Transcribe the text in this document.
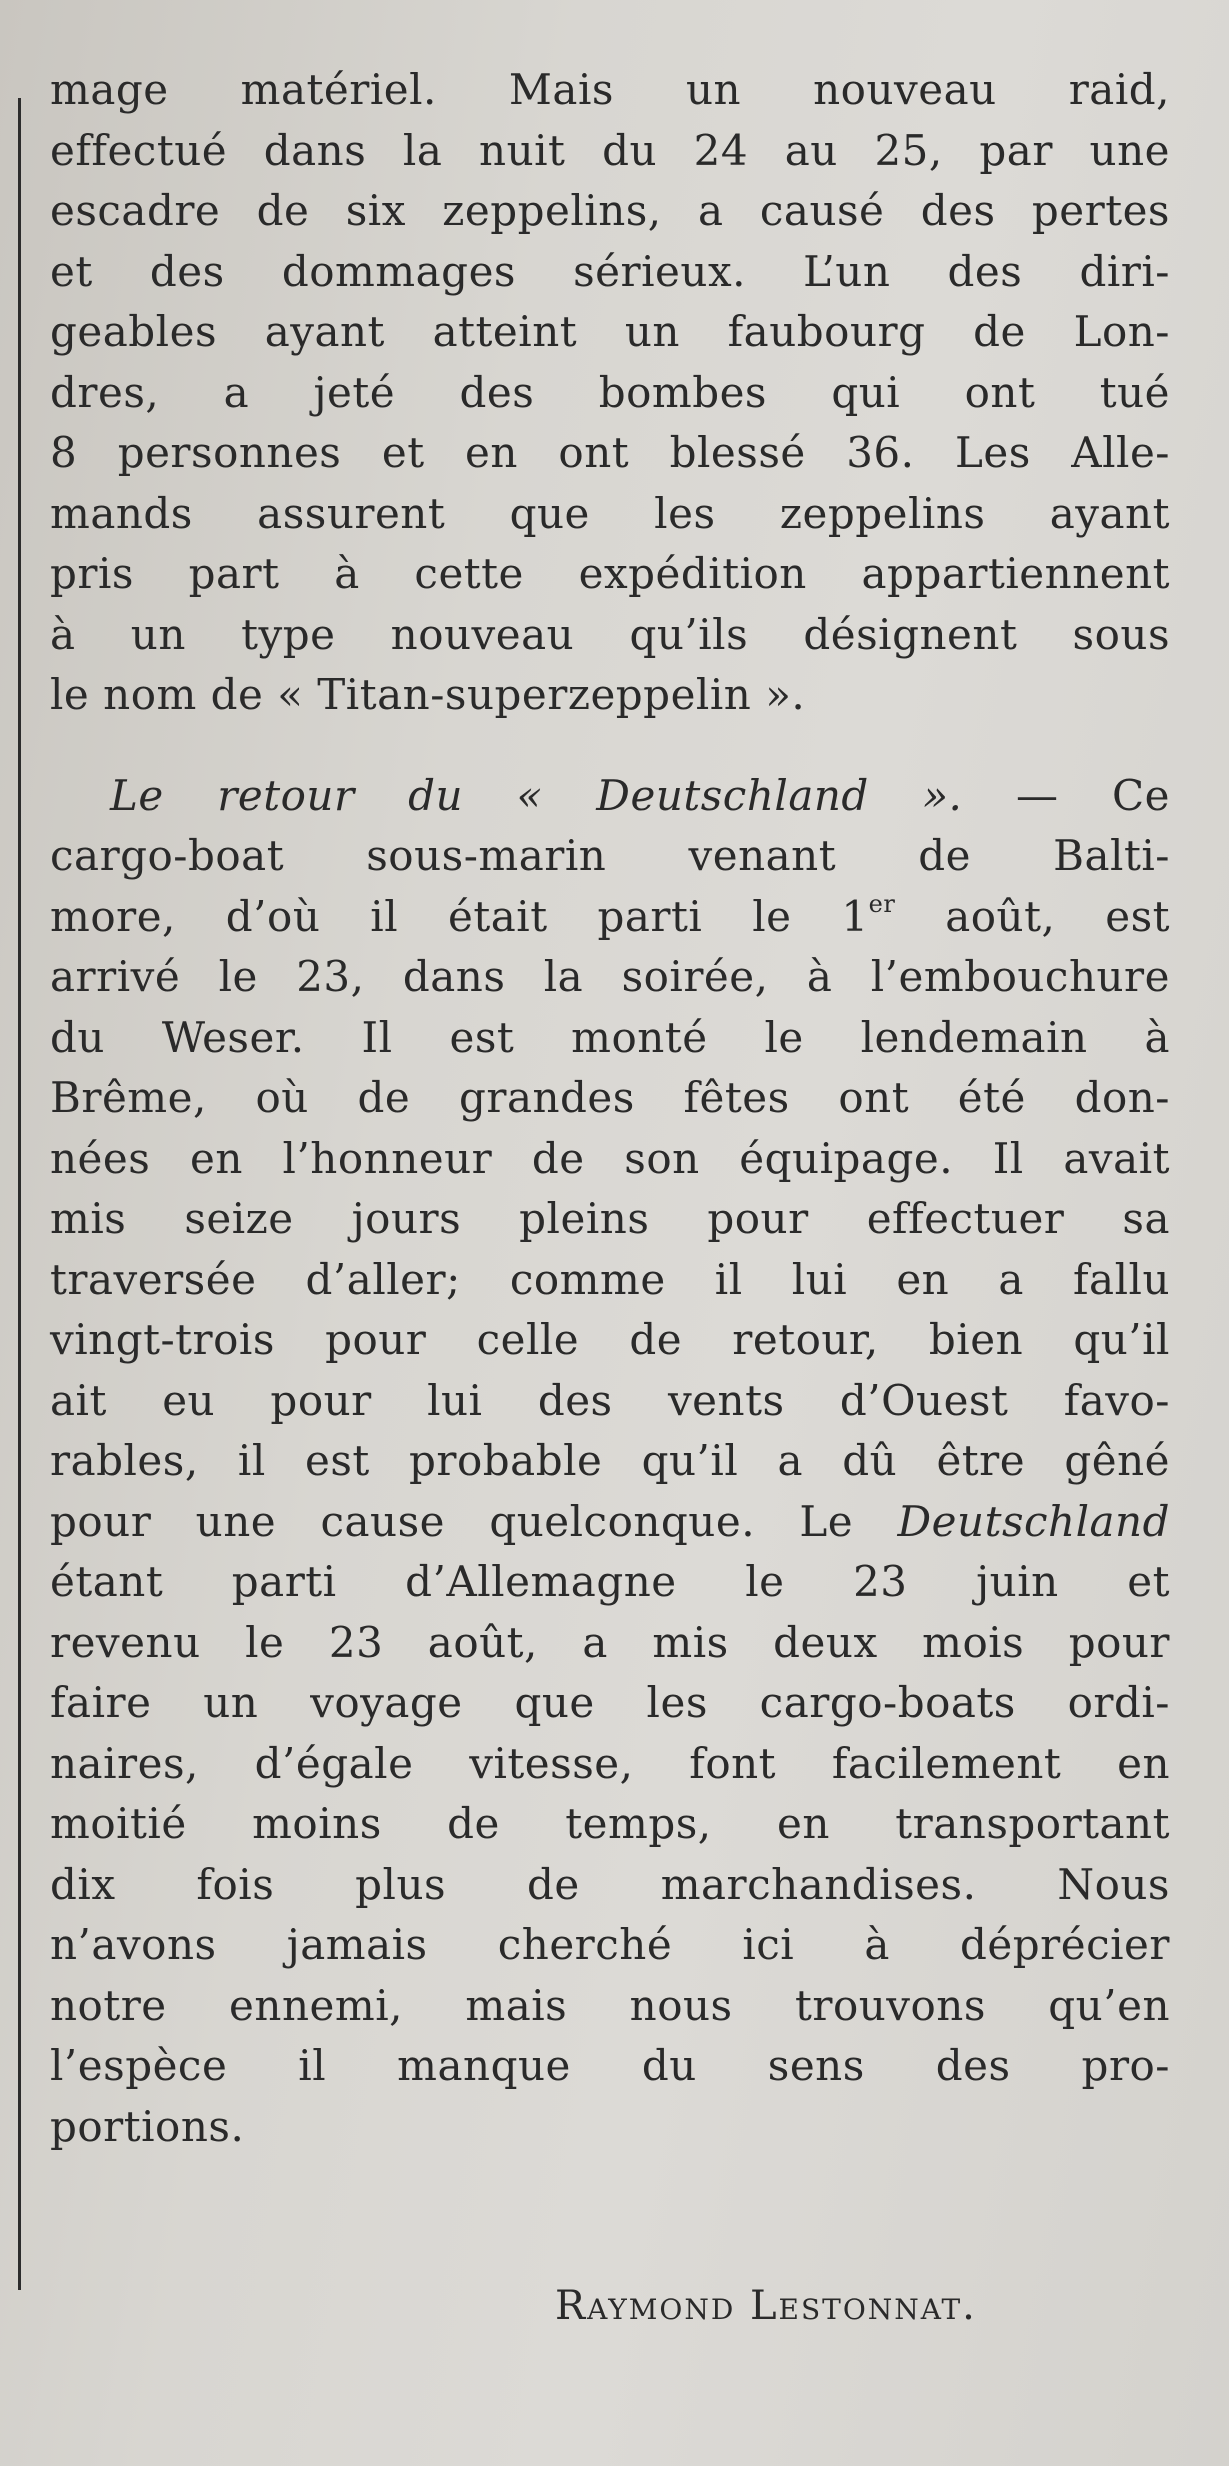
mage matériel. Mais un nouveau raid,
effectué dans la nuit du 24 au 25, par une
escadre de six zeppelins, a causé des pertes
et des dommages sérieux. L’un des diri-
geables ayant atteint un faubourg de Lon-
dres, a jeté des bombes qui ont tué
8 personnes et en ont blessé 36. Les Alle-
mands assurent que les zeppelins ayant
pris part à cette expédition appartiennent
à un type nouveau qu’ils désignent sous
le nom de « Titan-superzeppelin ».
Le retour du « Deutschland ». — Ce
cargo-boat sous-marin venant de Balti-
more, d’où il était parti le 1er août, est
arrivé le 23, dans la soirée, à l’embouchure
du Weser. Il est monté le lendemain à
Brême, où de grandes fêtes ont été don-
nées en l’honneur de son équipage. Il avait
mis seize jours pleins pour effectuer sa
traversée d’aller; comme il lui en a fallu
vingt-trois pour celle de retour, bien qu’il
ait eu pour lui des vents d’Ouest favo-
rables, il est probable qu’il a dû être gêné
pour une cause quelconque. Le Deutschland
étant parti d’Allemagne le 23 juin et
revenu le 23 août, a mis deux mois pour
faire un voyage que les cargo-boats ordi-
naires, d’égale vitesse, font facilement en
moitié moins de temps, en transportant
dix fois plus de marchandises. Nous
n’avons jamais cherché ici à déprécier
notre ennemi, mais nous trouvons qu’en
l’espèce il manque du sens des pro-
portions.
Raymond Lestonnat.
